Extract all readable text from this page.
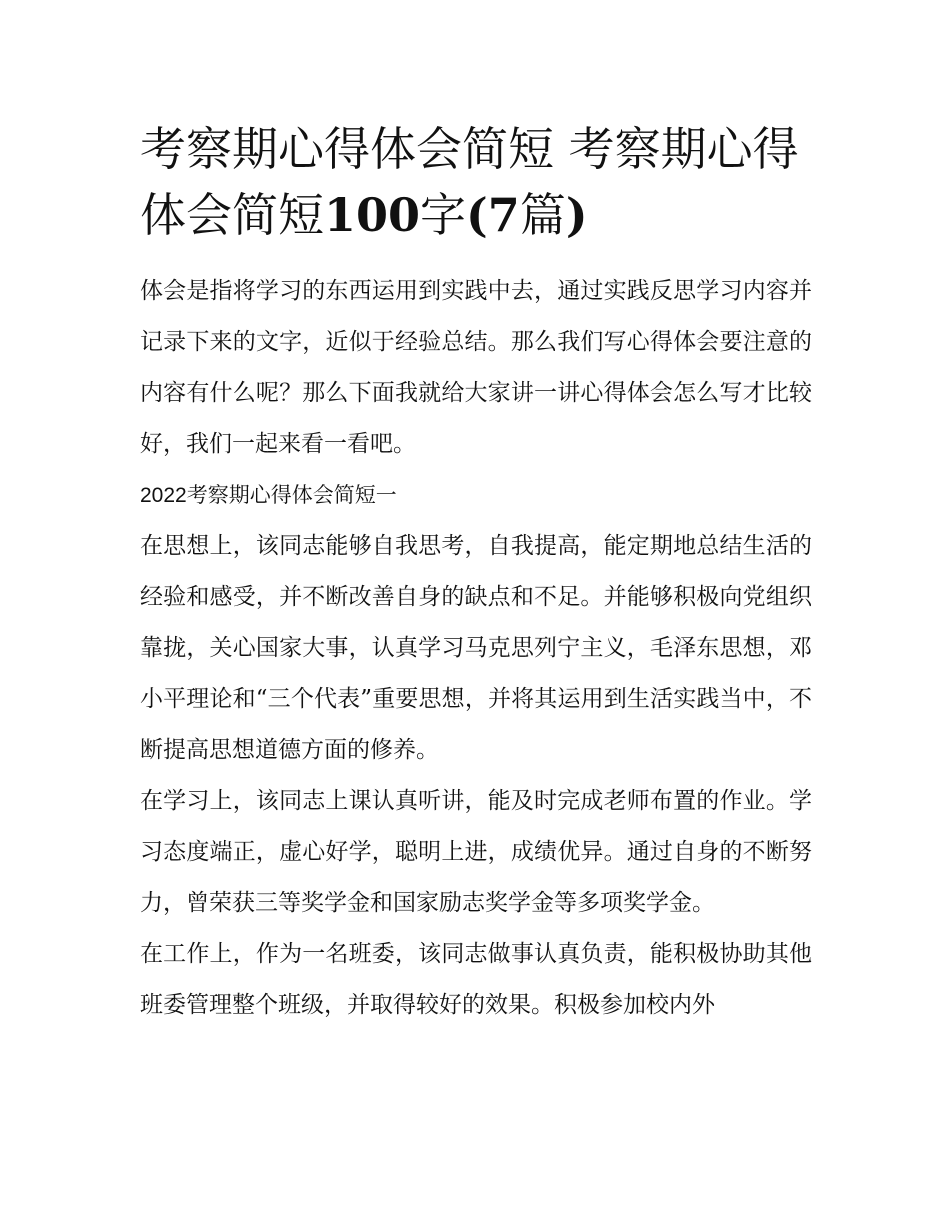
考察期心得体会简短 考察期心得体会简短100字(7篇)

体会是指将学习的东西运用到实践中去，通过实践反思学习内容并记录下来的文字，近似于经验总结。那么我们写心得体会要注意的内容有什么呢？那么下面我就给大家讲一讲心得体会怎么写才比较好，我们一起来看一看吧。

2022考察期心得体会简短一

在思想上，该同志能够自我思考，自我提高，能定期地总结生活的经验和感受，并不断改善自身的缺点和不足。并能够积极向党组织靠拢，关心国家大事，认真学习马克思列宁主义，毛泽东思想，邓小平理论和“三个代表”重要思想，并将其运用到生活实践当中，不断提高思想道德方面的修养。

在学习上，该同志上课认真听讲，能及时完成老师布置的作业。学习态度端正，虚心好学，聪明上进，成绩优异。通过自身的不断努力，曾荣获三等奖学金和国家励志奖学金等多项奖学金。

在工作上，作为一名班委，该同志做事认真负责，能积极协助其他班委管理整个班级，并取得较好的效果。积极参加校内外
